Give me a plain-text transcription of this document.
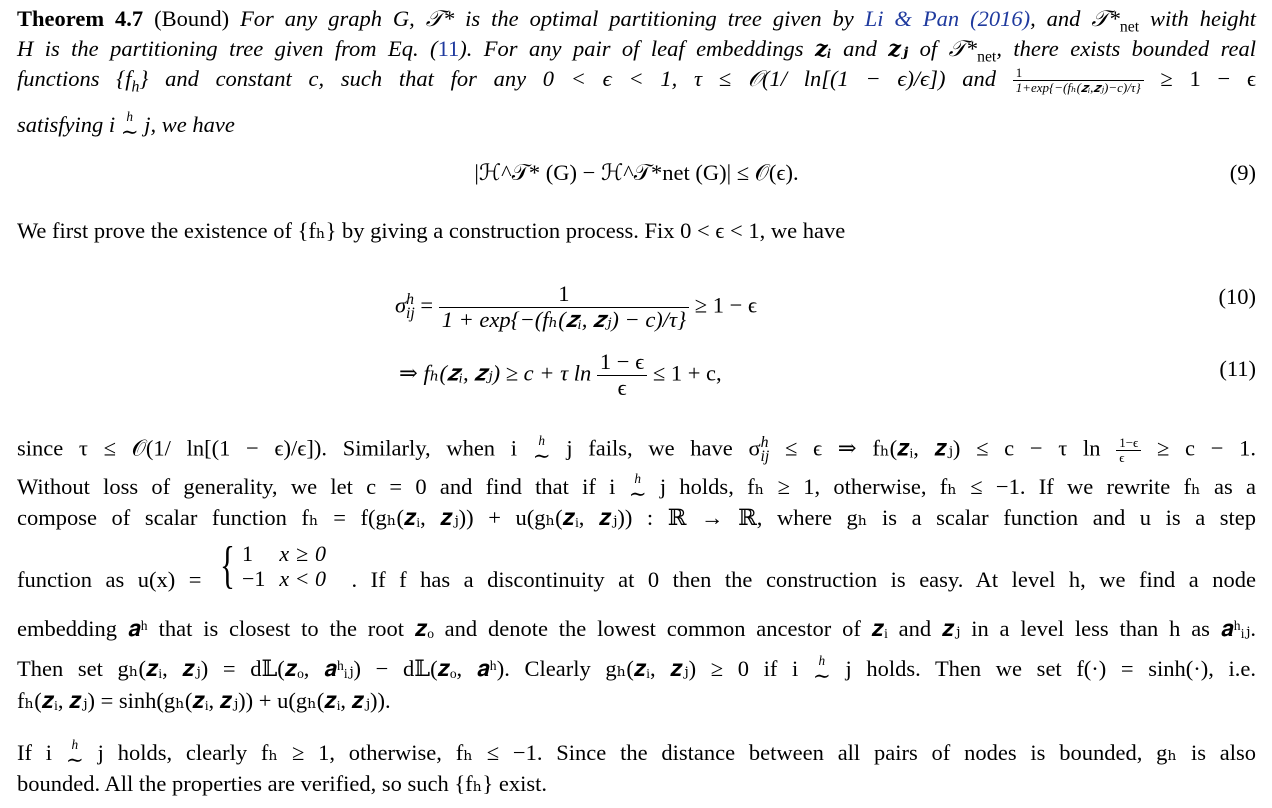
Theorem 4.7 (Bound) For any graph G, 𝒯* is the optimal partitioning tree given by Li & Pan (2016), and $𝒯*_{net}$ with height
H is the partitioning tree given from Eq. (11). For any pair of leaf embeddings 𝒛ᵢ and 𝒛ⱼ of $𝒯*_{net}$, there exists bounded real
functions $\{f_h\}$ and constant c, such that for any 0 < ϵ < 1, τ ≤ 𝒪(1/ ln[(1 − ϵ)/ϵ]) and $\frac{1}{\text{1+exp\{−(fₕ(𝒛ᵢ,𝒛ⱼ)−c)/τ\}}} \ge 1 - \epsilon$
satisfying i h
∼ j, we have
|ℋ^𝒯* (G) − ℋ^𝒯*net (G)| ≤ 𝒪(ϵ).	(9)
We first prove the existence of {fₕ} by giving a construction process. Fix 0 < ϵ < 1, we have
$\sigma^h_{ij} = \frac{1}{\text{1 + exp\{−(fₕ(𝒛ᵢ, 𝒛ⱼ) − c)/τ\}}} \ge 1 - \epsilon$	(10)
⇒ fₕ(𝒛ᵢ, 𝒛ⱼ) ≥ c + τ $\ln \frac{1 - \epsilon}{\epsilon} \le 1 + c$,	(11)
since τ ≤ 𝒪(1/ ln[(1 − ϵ)/ϵ]). Similarly, when i h
∼ j fails, we have $\sigma^h_{ij} \le \epsilon$ ⇒ fₕ(𝒛ᵢ, 𝒛ⱼ) ≤ c − τ $\ln \frac{1-\epsilon}{\epsilon} \ge c - 1$.
Without loss of generality, we let c = 0 and find that if i h
∼ j holds, fₕ ≥ 1, otherwise, fₕ ≤ −1. If we rewrite fₕ as a
compose of scalar function fₕ = f(gₕ(𝒛ᵢ, 𝒛ⱼ)) + u(gₕ(𝒛ᵢ, 𝒛ⱼ)) : ℝ → ℝ, where gₕ is a scalar function and u is a step
function as u(x) = { 1	x ≥ 0
−1	x < 0 . If f has a discontinuity at 0 then the construction is easy. At level h, we find a node
embedding 𝒂ʰ that is closest to the root 𝒛ₒ and denote the lowest common ancestor of 𝒛ᵢ and 𝒛ⱼ in a level less than h as 𝒂ʰᵢⱼ.
Then set gₕ(𝒛ᵢ, 𝒛ⱼ) = d𝕃(𝒛ₒ, 𝒂ʰᵢⱼ) − d𝕃(𝒛ₒ, 𝒂ʰ). Clearly gₕ(𝒛ᵢ, 𝒛ⱼ) ≥ 0 if i h
∼ j holds. Then we set f(·) = sinh(·), i.e.
fₕ(𝒛ᵢ, 𝒛ⱼ) = sinh(gₕ(𝒛ᵢ, 𝒛ⱼ)) + u(gₕ(𝒛ᵢ, 𝒛ⱼ)).
If i h
∼ j holds, clearly fₕ ≥ 1, otherwise, fₕ ≤ −1. Since the distance between all pairs of nodes is bounded, gₕ is also
bounded. All the properties are verified, so such {fₕ} exist.
